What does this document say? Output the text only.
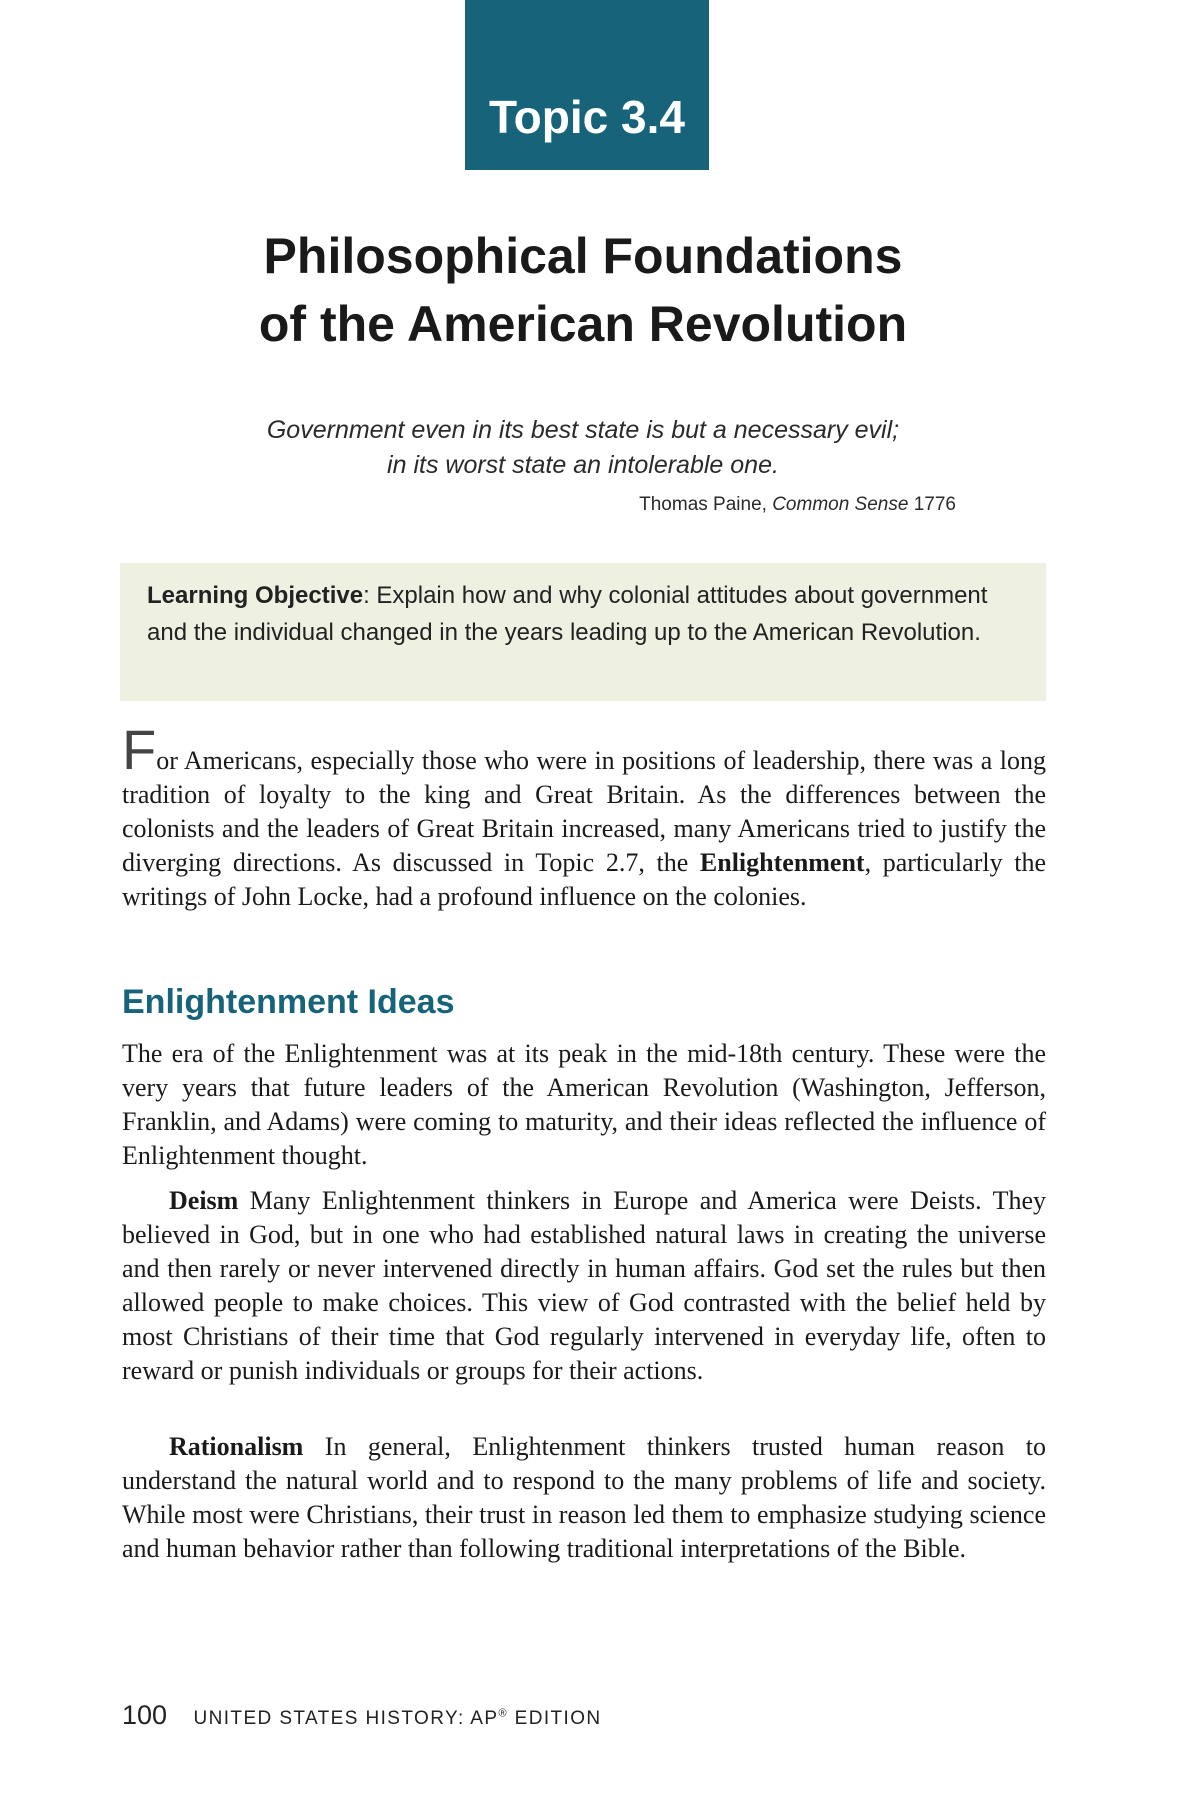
Topic 3.4
Philosophical Foundations
of the American Revolution
Government even in its best state is but a necessary evil;
in its worst state an intolerable one.
Thomas Paine, Common Sense 1776
Learning Objective: Explain how and why colonial attitudes about government and the individual changed in the years leading up to the American Revolution.

For Americans, especially those who were in positions of leadership, there was a long tradition of loyalty to the king and Great Britain. As the differences between the colonists and the leaders of Great Britain increased, many Americans tried to justify the diverging directions. As discussed in Topic 2.7, the Enlightenment, particularly the writings of John Locke, had a profound influence on the colonies.

Enlightenment Ideas

The era of the Enlightenment was at its peak in the mid-18th century. These were the very years that future leaders of the American Revolution (Washington, Jefferson, Franklin, and Adams) were coming to maturity, and their ideas reflected the influence of Enlightenment thought.

Deism Many Enlightenment thinkers in Europe and America were Deists. They believed in God, but in one who had established natural laws in creating the universe and then rarely or never intervened directly in human affairs. God set the rules but then allowed people to make choices. This view of God contrasted with the belief held by most Christians of their time that God regularly intervened in everyday life, often to reward or punish individuals or groups for their actions.

Rationalism In general, Enlightenment thinkers trusted human reason to understand the natural world and to respond to the many problems of life and society. While most were Christians, their trust in reason led them to emphasize studying science and human behavior rather than following traditional interpretations of the Bible.

100 UNITED STATES HISTORY: AP® EDITION
